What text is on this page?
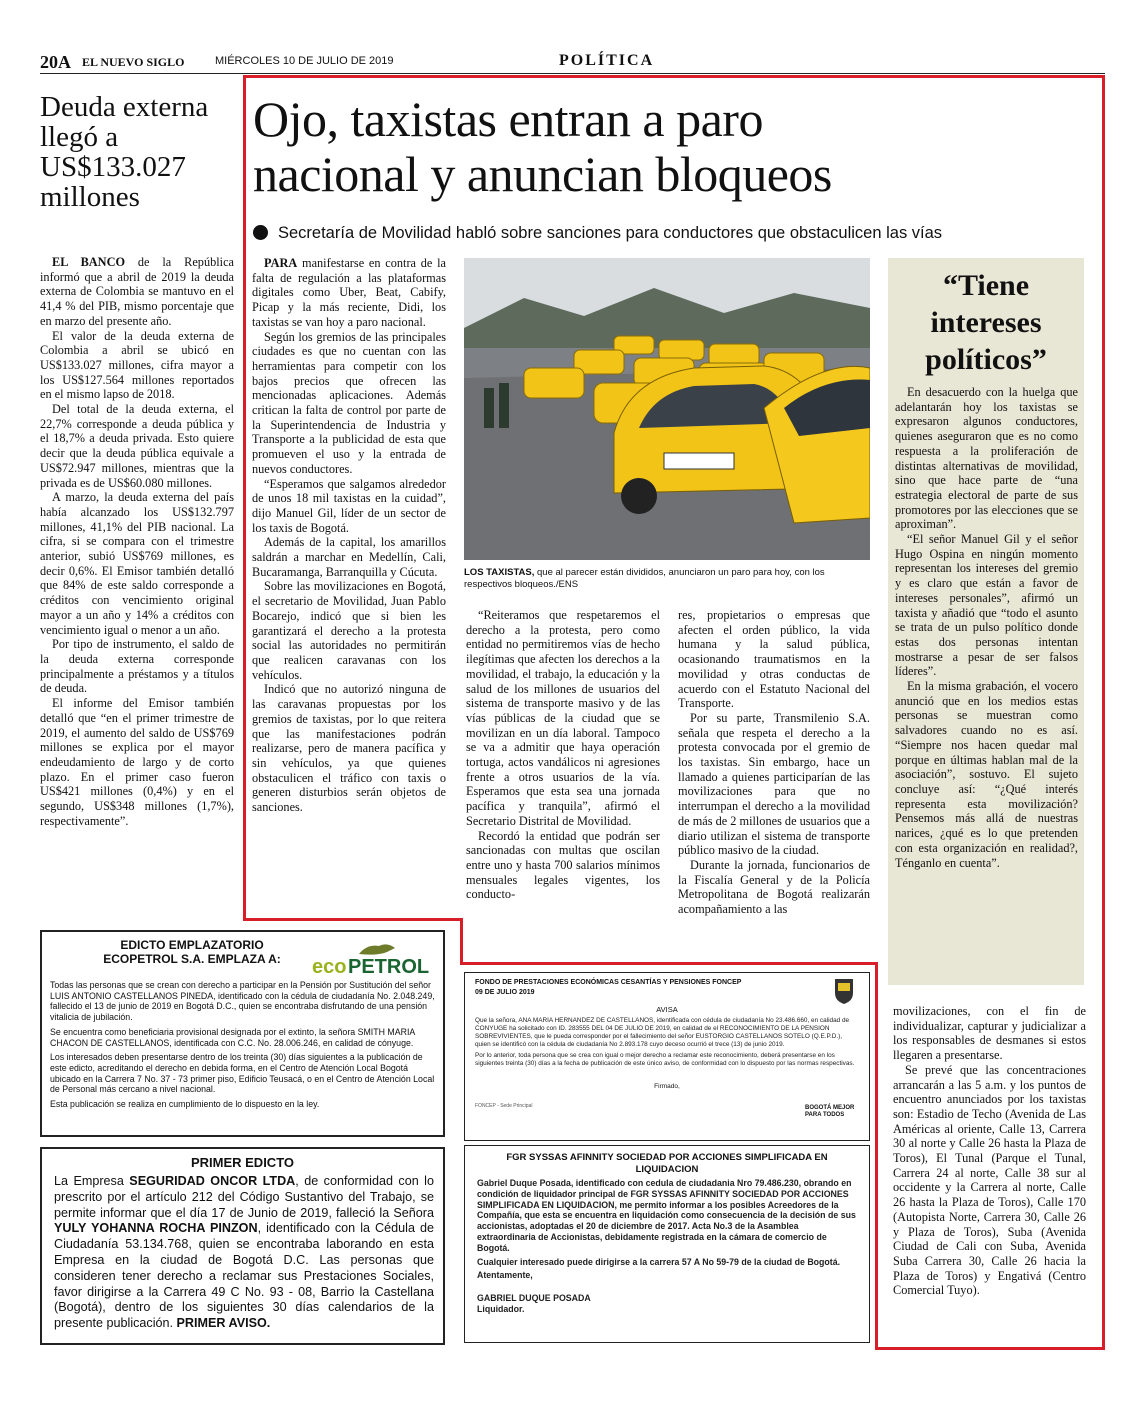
20A EL NUEVO SIGLO	MIÉRCOLES 10 DE JULIO DE 2019	POLÍTICA
Deuda externa llegó a US$133.027 millones

EL BANCO de la República informó que a abril de 2019 la deuda externa de Colombia se mantuvo en el 41,4 % del PIB, mismo porcentaje que en marzo del presente año.

El valor de la deuda externa de Colombia a abril se ubicó en US$133.027 millones, cifra mayor a los US$127.564 millones reportados en el mismo lapso de 2018.

Del total de la deuda externa, el 22,7% corresponde a deuda pública y el 18,7% a deuda privada. Esto quiere decir que la deuda pública equivale a US$72.947 millones, mientras que la privada es de US$60.080 millones.

A marzo, la deuda externa del país había alcanzado los US$132.797 millones, 41,1% del PIB nacional. La cifra, si se compara con el trimestre anterior, subió US$769 millones, es decir 0,6%. El Emisor también detalló que 84% de este saldo corresponde a créditos con vencimiento original mayor a un año y 14% a créditos con vencimiento igual o menor a un año.

Por tipo de instrumento, el saldo de la deuda externa corresponde principalmente a préstamos y a títulos de deuda.

El informe del Emisor también detalló que “en el primer trimestre de 2019, el aumento del saldo de US$769 millones se explica por el mayor endeudamiento de largo y de corto plazo. En el primer caso fueron US$421 millones (0,4%) y en el segundo, US$348 millones (1,7%), respectivamente”.

Ojo, taxistas entran a paro
nacional y anuncian bloqueos
Secretaría de Movilidad habló sobre sanciones para conductores que obstaculicen las vías

PARA manifestarse en contra de la falta de regulación a las plataformas digitales como Uber, Beat, Cabify, Picap y la más reciente, Didi, los taxistas se van hoy a paro nacional.

Según los gremios de las principales ciudades es que no cuentan con las herramientas para competir con los bajos precios que ofrecen las mencionadas aplicaciones. Además critican la falta de control por parte de la Superintendencia de Industria y Transporte a la publicidad de esta que promueven el uso y la entrada de nuevos conductores.

“Esperamos que salgamos alrededor de unos 18 mil taxistas en la cuidad”, dijo Manuel Gil, líder de un sector de los taxis de Bogotá.

Además de la capital, los amarillos saldrán a marchar en Medellín, Cali, Bucaramanga, Barranquilla y Cúcuta.

Sobre las movilizaciones en Bogotá, el secretario de Movilidad, Juan Pablo Bocarejo, indicó que si bien les garantizará el derecho a la protesta social las autoridades no permitirán que realicen caravanas con los vehículos.

Indicó que no autorizó ninguna de las caravanas propuestas por los gremios de taxistas, por lo que reitera que las manifestaciones podrán realizarse, pero de manera pacífica y sin vehículos, ya que quienes obstaculicen el tráfico con taxis o generen disturbios serán objetos de sanciones.

LOS TAXISTAS, que al parecer están divididos, anunciaron un paro para hoy, con los respectivos bloqueos./ENS

“Reiteramos que respetaremos el derecho a la protesta, pero como entidad no permitiremos vías de hecho ilegítimas que afecten los derechos a la movilidad, el trabajo, la educación y la salud de los millones de usuarios del sistema de transporte masivo y de las vías públicas de la ciudad que se movilizan en un día laboral. Tampoco se va a admitir que haya operación tortuga, actos vandálicos ni agresiones frente a otros usuarios de la vía. Esperamos que esta sea una jornada pacífica y tranquila”, afirmó el Secretario Distrital de Movilidad.

Recordó la entidad que podrán ser sancionadas con multas que oscilan entre uno y hasta 700 salarios mínimos mensuales legales vigentes, los conducto-

res, propietarios o empresas que afecten el orden público, la vida humana y la salud pública, ocasionando traumatismos en la movilidad y otras conductas de acuerdo con el Estatuto Nacional del Transporte.

Por su parte, Transmilenio S.A. señala que respeta el derecho a la protesta convocada por el gremio de los taxistas. Sin embargo, hace un llamado a quienes participarían de las movilizaciones para que no interrumpan el derecho a la movilidad de más de 2 millones de usuarios que a diario utilizan el sistema de transporte público masivo de la ciudad.

Durante la jornada, funcionarios de la Fiscalía General y de la Policía Metropolitana de Bogotá realizarán acompañamiento a las

“Tiene intereses políticos”

En desacuerdo con la huelga que adelantarán hoy los taxistas se expresaron algunos conductores, quienes aseguraron que es no como respuesta a la proliferación de distintas alternativas de movilidad, sino que hace parte de “una estrategia electoral de parte de sus promotores por las elecciones que se aproximan”.

“El señor Manuel Gil y el señor Hugo Ospina en ningún momento representan los intereses del gremio y es claro que están a favor de intereses personales”, afirmó un taxista y añadió que “todo el asunto se trata de un pulso político donde estas dos personas intentan mostrarse a pesar de ser falsos líderes”.

En la misma grabación, el vocero anunció que en los medios estas personas se muestran como salvadores cuando no es así. “Siempre nos hacen quedar mal porque en últimas hablan mal de la asociación”, sostuvo. El sujeto concluye así: “¿Qué interés representa esta movilización? Pensemos más allá de nuestras narices, ¿qué es lo que pretenden con esta organización en realidad?, Ténganlo en cuenta”.

movilizaciones, con el fin de individualizar, capturar y judicializar a los responsables de desmanes si estos llegaren a presentarse.

Se prevé que las concentraciones arrancarán a las 5 a.m. y los puntos de encuentro anunciados por los taxistas son: Estadio de Techo (Avenida de Las Américas al oriente, Calle 13, Carrera 30 al norte y Calle 26 hasta la Plaza de Toros), El Tunal (Parque el Tunal, Carrera 24 al norte, Calle 38 sur al occidente y la Carrera al norte, Calle 26 hasta la Plaza de Toros), Calle 170 (Autopista Norte, Carrera 30, Calle 26 y Plaza de Toros), Suba (Avenida Ciudad de Cali con Suba, Avenida Suba Carrera 30, Calle 26 hacia la Plaza de Toros) y Engativá (Centro Comercial Tuyo).

EDICTO EMPLAZATORIO
ECOPETROL S.A. EMPLAZA A:	eco PETROL

Todas las personas que se crean con derecho a participar en la Pensión por Sustitución del señor LUIS ANTONIO CASTELLANOS PINEDA, identificado con la cédula de ciudadanía No. 2.048.249, fallecido el 13 de junio de 2019 en Bogotá D.C., quien se encontraba disfrutando de una pensión vitalicia de jubilación.

Se encuentra como beneficiaria provisional designada por el extinto, la señora SMITH MARIA CHACON DE CASTELLANOS, identificada con C.C. No. 28.006.246, en calidad de cónyuge.

Los interesados deben presentarse dentro de los treinta (30) días siguientes a la publicación de este edicto, acreditando el derecho en debida forma, en el Centro de Atención Local Bogotá ubicado en la Carrera 7 No. 37 - 73 primer piso, Edificio Teusacá, o en el Centro de Atención Local de Personal más cercano a nivel nacional.

Esta publicación se realiza en cumplimiento de lo dispuesto en la ley.

PRIMER EDICTO
La Empresa SEGURIDAD ONCOR LTDA, de conformidad con lo prescrito por el artículo 212 del Código Sustantivo del Trabajo, se permite informar que el día 17 de Junio de 2019, falleció la Señora YULY YOHANNA ROCHA PINZON, identificado con la Cédula de Ciudadanía 53.134.768, quien se encontraba laborando en esta Empresa en la ciudad de Bogotá D.C. Las personas que consideren tener derecho a reclamar sus Prestaciones Sociales, favor dirigirse a la Carrera 49 C No. 93 - 08, Barrio la Castellana (Bogotá), dentro de los siguientes 30 días calendarios de la presente publicación. PRIMER AVISO.
FONDO DE PRESTACIONES ECONÓMICAS CESANTÍAS Y PENSIONES FONCEP
09 DE JULIO 2019
AVISA

Que la señora, ANA MARIA HERNANDEZ DE CASTELLANOS, identificada con cédula de ciudadanía No 23.486.660, en calidad de CONYUGE ha solicitado con ID. 283555 DEL 04 DE JULIO DE 2019, en calidad de el RECONOCIMIENTO DE LA PENSION SOBREVIVIENTES, que le pueda corresponder por el fallecimiento del señor EUSTORGIO CASTELLANOS SOTELO (Q.E.P.D.), quien se identificó con la cédula de ciudadanía No 2.893.178 cuyo deceso ocurrió el trece (13) de junio 2019.

Por lo anterior, toda persona que se crea con igual o mejor derecho a reclamar este reconocimiento, deberá presentarse en los siguientes treinta (30) días a la fecha de publicación de este único aviso, de conformidad con lo dispuesto por las normas respectivas.

Firmado,
FONCEP - Sede Principal	BOGOTÁ MEJOR PARA TODOS
FGR SYSSAS AFINNITY SOCIEDAD POR ACCIONES SIMPLIFICADA EN LIQUIDACION

Gabriel Duque Posada, identificado con cedula de ciudadania Nro 79.486.230, obrando en condición de liquidador principal de FGR SYSSAS AFINNITY SOCIEDAD POR ACCIONES SIMPLIFICADA EN LIQUIDACION, me permito informar a los posibles Acreedores de la Compañía, que esta se encuentra en liquidación como consecuencia de la decisión de sus accionistas, adoptadas el 20 de diciembre de 2017. Acta No.3 de la Asamblea extraordinaria de Accionistas, debidamente registrada en la cámara de comercio de Bogotá.

Cualquier interesado puede dirigirse a la carrera 57 A No 59-79 de la ciudad de Bogotá.

Atentamente,

GABRIEL DUQUE POSADA

Liquidador.
